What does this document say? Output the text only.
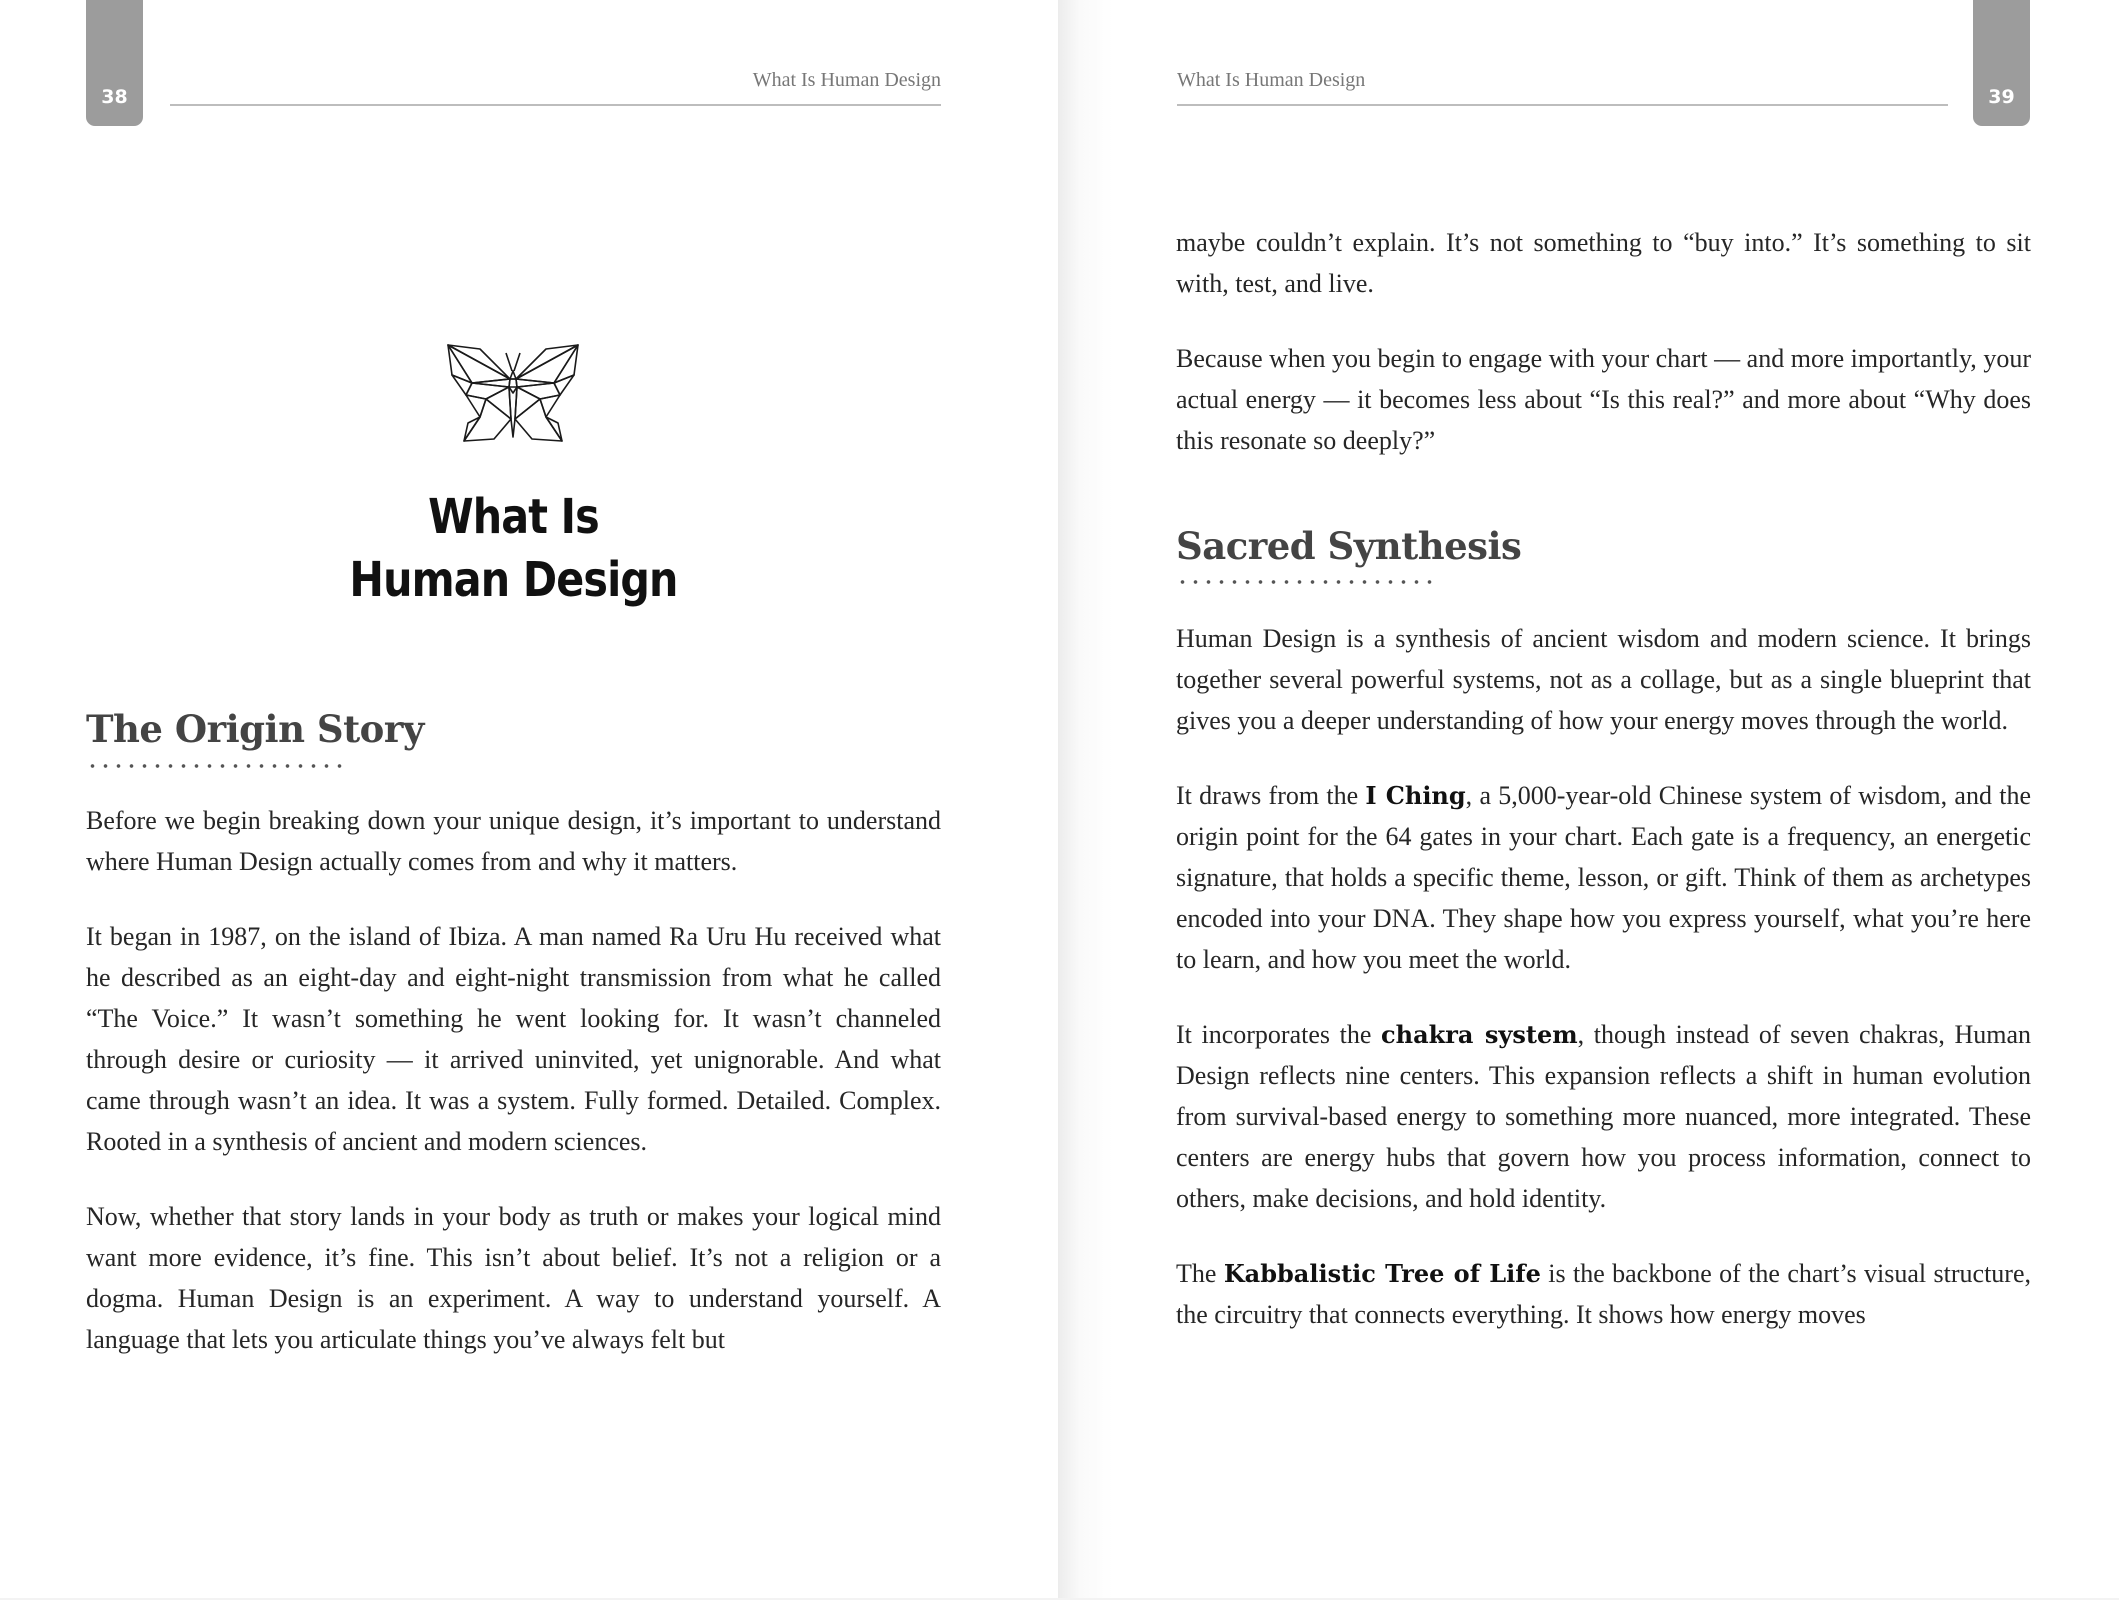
38
What Is Human Design
What Is
Human Design
The Origin Story

Before we begin breaking down your unique design, it’s important to understand where Human Design actually comes from and why it matters.

It began in 1987, on the island of Ibiza. A man named Ra Uru Hu received what he described as an eight-day and eight-night transmission from what he called “The Voice.” It wasn’t something he went looking for. It wasn’t channeled through desire or curiosity — it arrived uninvited, yet unignorable. And what came through wasn’t an idea. It was a system. Fully formed. Detailed. Complex. Rooted in a synthesis of ancient and modern sciences.

Now, whether that story lands in your body as truth or makes your logical mind want more evidence, it’s fine. This isn’t about belief. It’s not a religion or a dogma. Human Design is an experiment. A way to understand yourself. A language that lets you articulate things you’ve always felt but

39
What Is Human Design

maybe couldn’t explain. It’s not something to “buy into.” It’s something to sit with, test, and live.

Because when you begin to engage with your chart — and more importantly, your actual energy — it becomes less about “Is this real?” and more about “Why does this resonate so deeply?”

Sacred Synthesis

Human Design is a synthesis of ancient wisdom and modern science. It brings together several powerful systems, not as a collage, but as a single blueprint that gives you a deeper understanding of how your energy moves through the world.

It draws from the I Ching, a 5,000-year-old Chinese system of wisdom, and the origin point for the 64 gates in your chart. Each gate is a frequency, an energetic signature, that holds a specific theme, lesson, or gift. Think of them as archetypes encoded into your DNA. They shape how you express yourself, what you’re here to learn, and how you meet the world.

It incorporates the chakra system, though instead of seven chakras, Human Design reflects nine centers. This expansion reflects a shift in human evolution from survival-based energy to something more nuanced, more integrated. These centers are energy hubs that govern how you process information, connect to others, make decisions, and hold identity.

The Kabbalistic Tree of Life is the backbone of the chart’s visual structure, the circuitry that connects everything. It shows how energy moves
